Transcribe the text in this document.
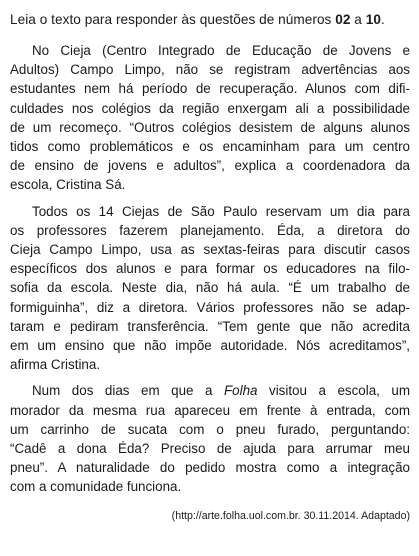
Leia o texto para responder às questões de números 02 a 10.

No Cieja (Centro Integrado de Educação de Jovens e
Adultos) Campo Limpo, não se registram advertências aos
estudantes nem há período de recuperação. Alunos com difi-
culdades nos colégios da região enxergam ali a possibilidade
de um recomeço. “Outros colégios desistem de alguns alunos
tidos como problemáticos e os encaminham para um centro
de ensino de jovens e adultos”, explica a coordenadora da
escola, Cristina Sá.

Todos os 14 Ciejas de São Paulo reservam um dia para
os professores fazerem planejamento. Éda, a diretora do
Cieja Campo Limpo, usa as sextas-feiras para discutir casos
específicos dos alunos e para formar os educadores na filo-
sofia da escola. Neste dia, não há aula. “É um trabalho de
formiguinha”, diz a diretora. Vários professores não se adap-
taram e pediram transferência. “Tem gente que não acredita
em um ensino que não impõe autoridade. Nós acreditamos”,
afirma Cristina.

Num dos dias em que a Folha visitou a escola, um
morador da mesma rua apareceu em frente à entrada, com
um carrinho de sucata com o pneu furado, perguntando:
“Cadê a dona Éda? Preciso de ajuda para arrumar meu
pneu”. A naturalidade do pedido mostra como a integração
com a comunidade funciona.

(http://arte.folha.uol.com.br. 30.11.2014. Adaptado)
